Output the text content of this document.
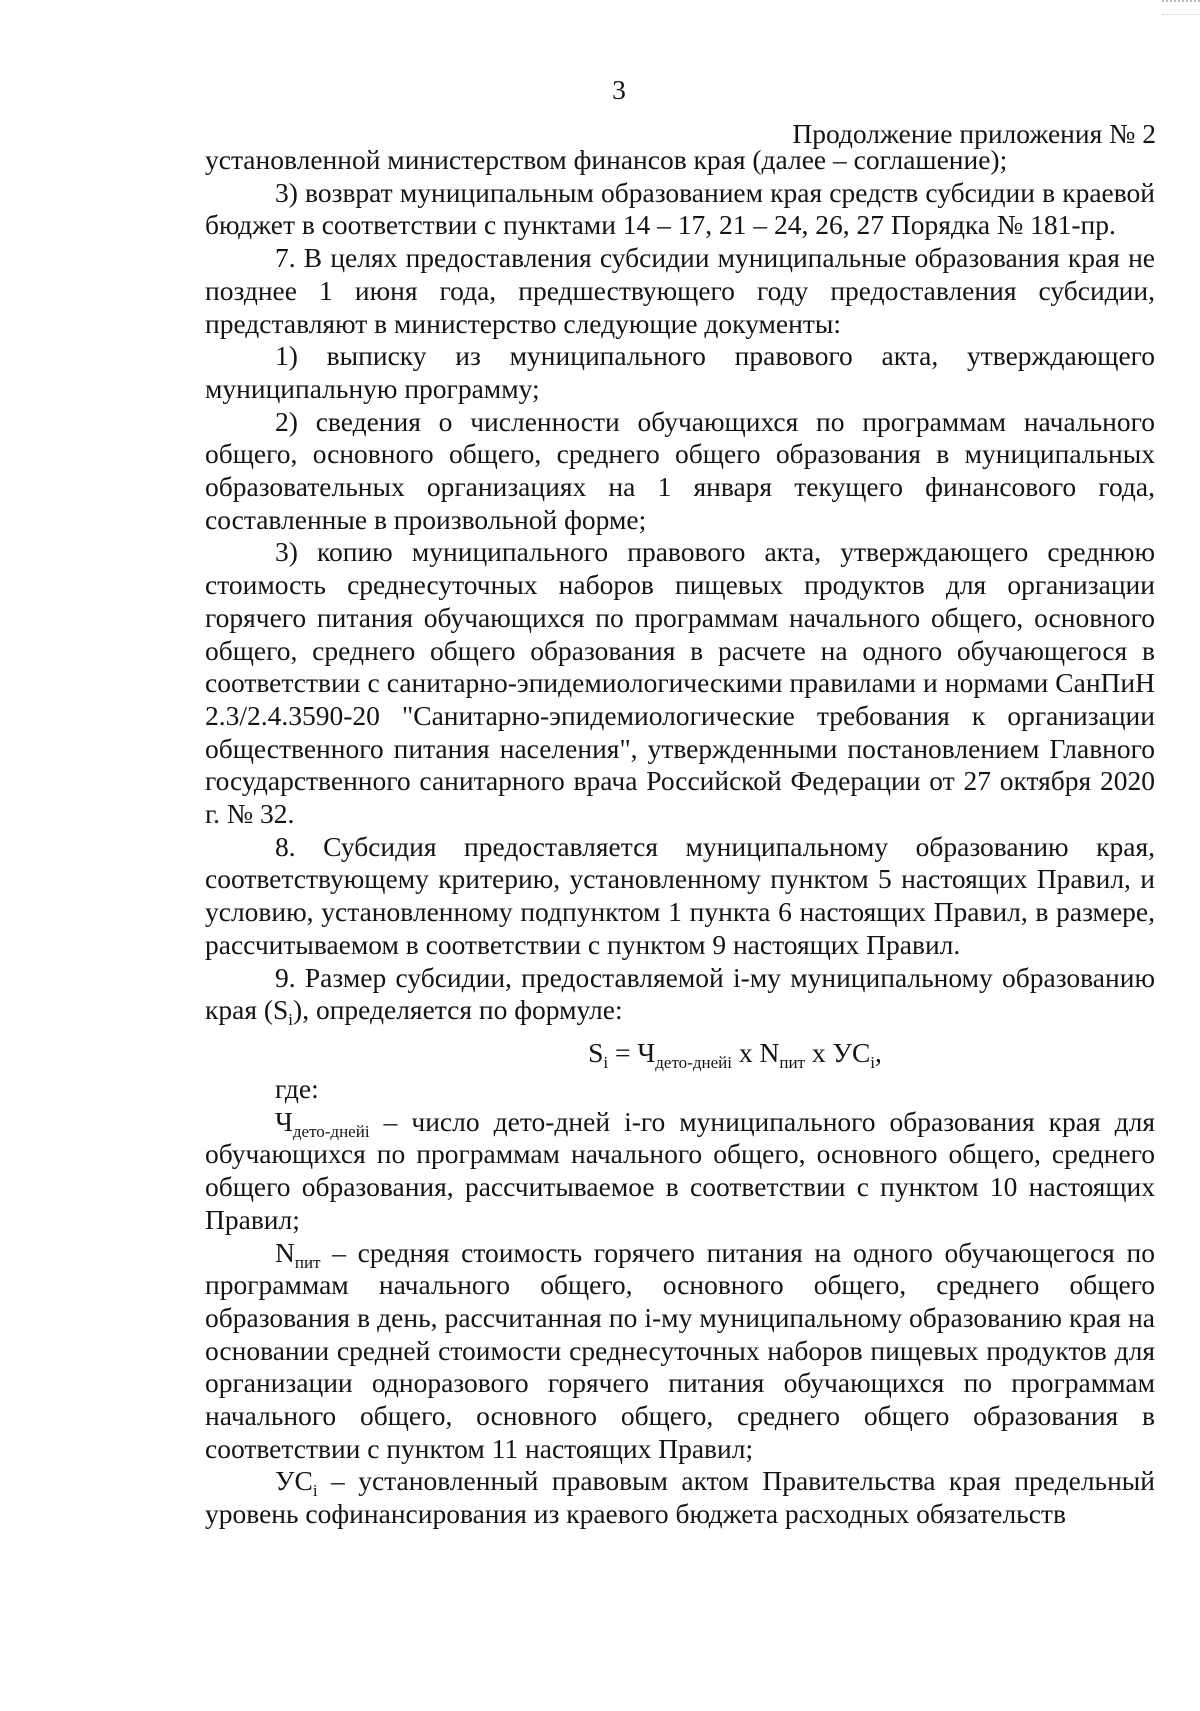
3
Продолжение приложения № 2

установленной министерством финансов края (далее – соглашение);

3) возврат муниципальным образованием края средств субсидии в краевой бюджет в соответствии с пунктами 14 – 17, 21 – 24, 26, 27 Порядка № 181-пр.

7. В целях предоставления субсидии муниципальные образования края не позднее 1 июня года, предшествующего году предоставления субсидии, представляют в министерство следующие документы:

1) выписку из муниципального правового акта, утверждающего муниципальную программу;

2) сведения о численности обучающихся по программам начального общего, основного общего, среднего общего образования в муниципальных образовательных организациях на 1 января текущего финансового года, составленные в произвольной форме;

3) копию муниципального правового акта, утверждающего среднюю стоимость среднесуточных наборов пищевых продуктов для организации горячего питания обучающихся по программам начального общего, основного общего, среднего общего образования в расчете на одного обучающегося в соответствии с санитарно-эпидемиологическими правилами и нормами СанПиН 2.3/2.4.3590-20 "Санитарно-эпидемиологические требования к организации общественного питания населения", утвержденными постановлением Главного государственного санитарного врача Российской Федерации от 27 октября 2020 г. № 32.

8. Субсидия предоставляется муниципальному образованию края, соответствующему критерию, установленному пунктом 5 настоящих Правил, и условию, установленному подпунктом 1 пункта 6 настоящих Правил, в размере, рассчитываемом в соответствии с пунктом 9 настоящих Правил.

9. Размер субсидии, предоставляемой i-му муниципальному образованию края $(S_i)$, определяется по формуле:

$S_i = Ч_{дето-днейi}$ x $N_{пит}$ x $УС_i$,

где:

$Ч_{дето-днейi}$ – число дето-дней i-го муниципального образования края для обучающихся по программам начального общего, основного общего, среднего общего образования, рассчитываемое в соответствии с пунктом 10 настоящих Правил;

$N_{пит}$ – средняя стоимость горячего питания на одного обучающегося по программам начального общего, основного общего, среднего общего образования в день, рассчитанная по i-му муниципальному образованию края на основании средней стоимости среднесуточных наборов пищевых продуктов для организации одноразового горячего питания обучающихся по программам начального общего, основного общего, среднего общего образования в соответствии с пунктом 11 настоящих Правил;

$УС_i$ – установленный правовым актом Правительства края предельный уровень софинансирования из краевого бюджета расходных обязательств
